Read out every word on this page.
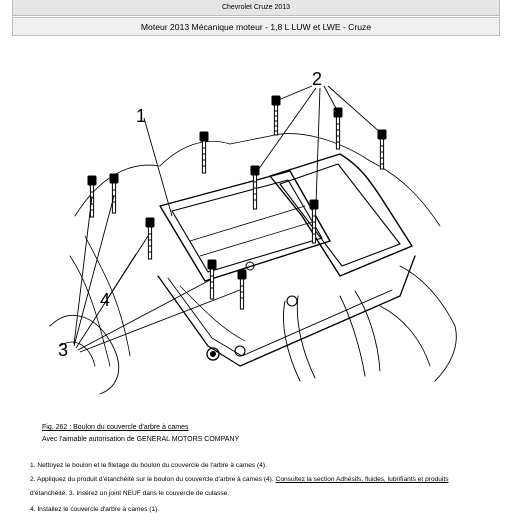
Chevrolet Cruze 2013
Moteur 2013 Mécanique moteur - 1,8 L LUW et LWE - Cruze
1
2
3
4
Fig. 262 : Boulon du couvercle d'arbre à cames
Avec l'aimable autorisation de GENERAL MOTORS COMPANY
1. Nettoyez le boulon et le filetage du boulon du couvercle de l'arbre à cames (4).
2. Appliquez du produit d'étanchéité sur le boulon du couvercle d'arbre à cames (4). Consultez la section Adhésifs, fluides, lubrifiants et produits
d'étanchéité. 3. Insérez un joint NEUF dans le couvercle de culasse.
4. Installez le couvercle d'arbre à cames (1).
